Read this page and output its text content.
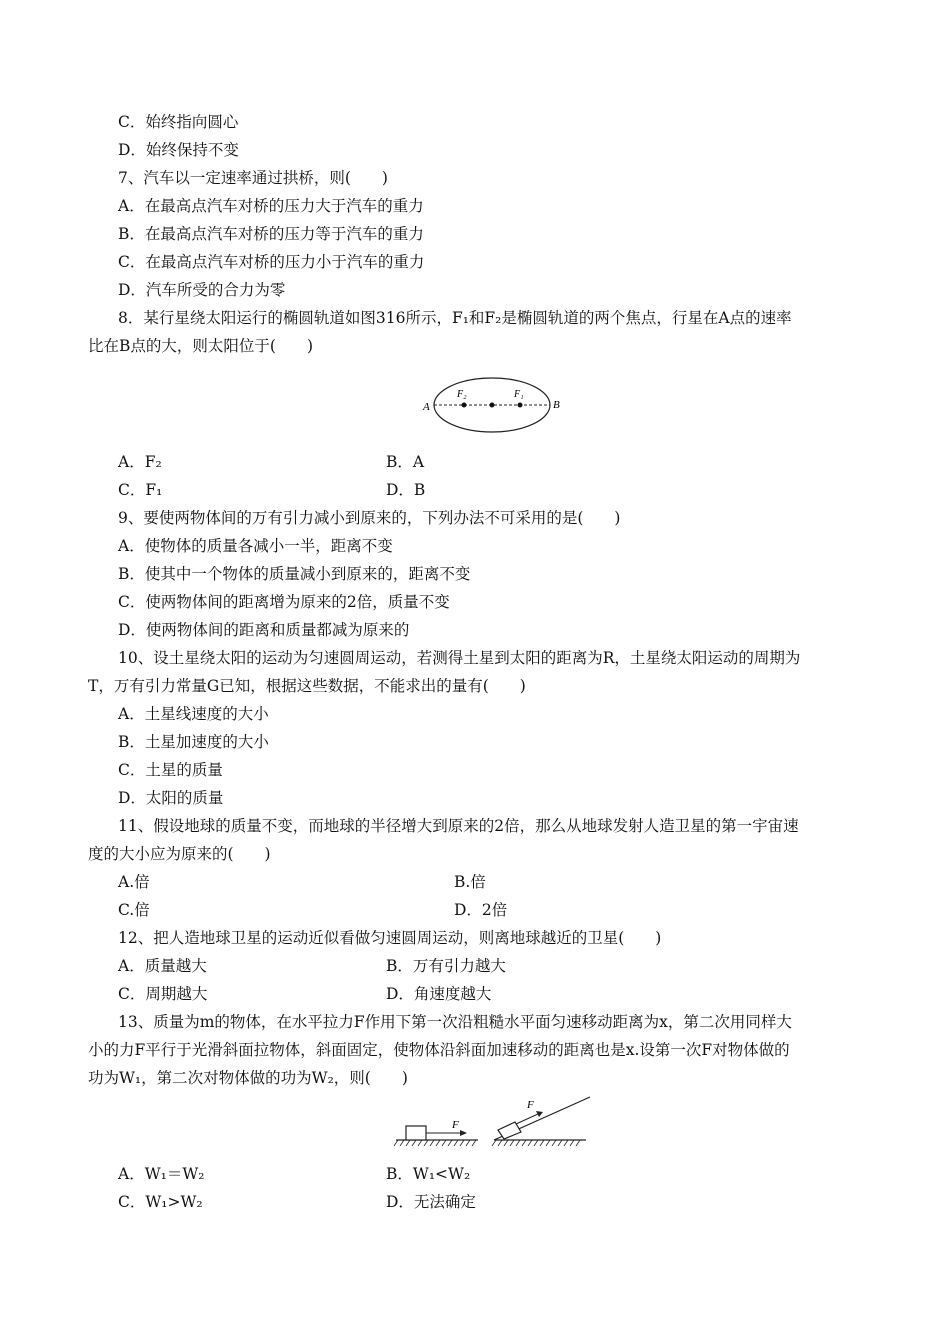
C．始终指向圆心
D．始终保持不变
7、汽车以一定速率通过拱桥，则(　　)
A．在最高点汽车对桥的压力大于汽车的重力
B．在最高点汽车对桥的压力等于汽车的重力
C．在最高点汽车对桥的压力小于汽车的重力
D．汽车所受的合力为零
8．某行星绕太阳运行的椭圆轨道如图316所示，F₁和F₂是椭圆轨道的两个焦点，行星在A点的速率
比在B点的大，则太阳位于(　　)
A	B
F₂	F₁
A．F₂	B．A
C．F₁	D．B
9、要使两物体间的万有引力减小到原来的，下列办法不可采用的是(　　)
A．使物体的质量各减小一半，距离不变
B．使其中一个物体的质量减小到原来的，距离不变
C．使两物体间的距离增为原来的2倍，质量不变
D．使两物体间的距离和质量都减为原来的
10、设土星绕太阳的运动为匀速圆周运动，若测得土星到太阳的距离为R，土星绕太阳运动的周期为
T，万有引力常量G已知，根据这些数据，不能求出的量有(　　)
A．土星线速度的大小
B．土星加速度的大小
C．土星的质量
D．太阳的质量
11、假设地球的质量不变，而地球的半径增大到原来的2倍，那么从地球发射人造卫星的第一宇宙速
度的大小应为原来的(　　)
A.倍	B.倍
C.倍	D．2倍
12、把人造地球卫星的运动近似看做匀速圆周运动，则离地球越近的卫星(　　)
A．质量越大	B．万有引力越大
C．周期越大	D．角速度越大
13、质量为m的物体，在水平拉力F作用下第一次沿粗糙水平面匀速移动距离为x，第二次用同样大
小的力F平行于光滑斜面拉物体，斜面固定，使物体沿斜面加速移动的距离也是x.设第一次F对物体做的
功为W₁，第二次对物体做的功为W₂，则(　　)
F
F
A．W₁＝W₂	B．W₁<W₂
C．W₁>W₂	D．无法确定
